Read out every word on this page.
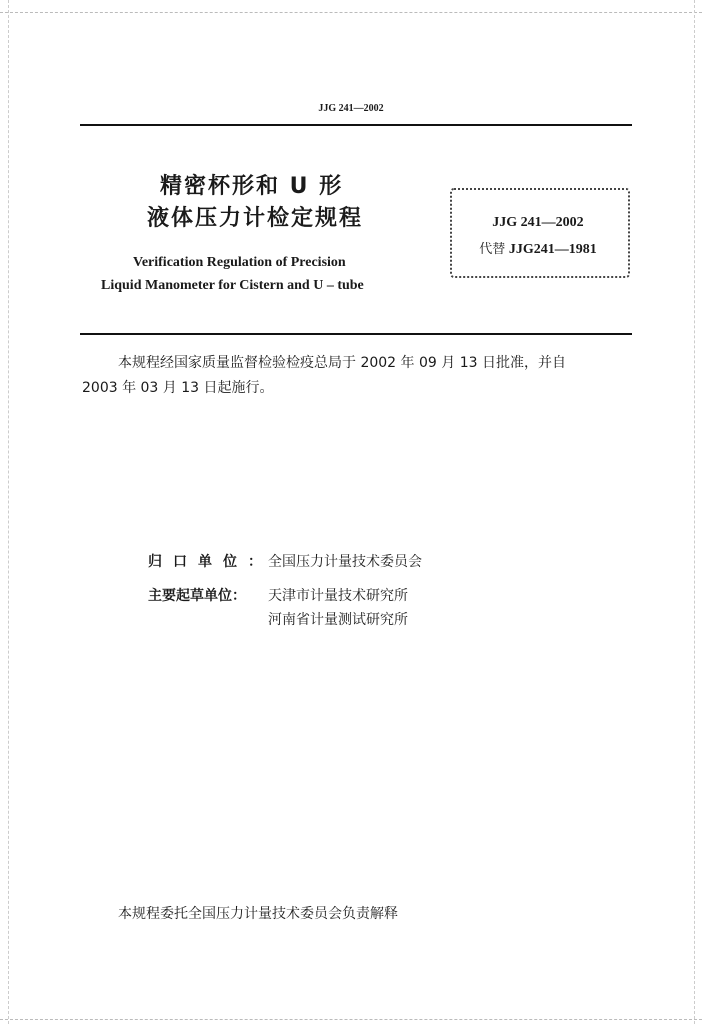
JJG 241—2002
精密杯形和 U 形
液体压力计检定规程
Verification Regulation of Precision
Liquid Manometer for Cistern and U – tube
JJG 241—2002
代替 JJG241—1981
本规程经国家质量监督检验检疫总局于 2002 年 09 月 13 日批准，并自
2003 年 03 月 13 日起施行。
归口单位：
全国压力计量技术委员会
主要起草单位： 天津市计量技术研究所
河南省计量测试研究所
本规程委托全国压力计量技术委员会负责解释
